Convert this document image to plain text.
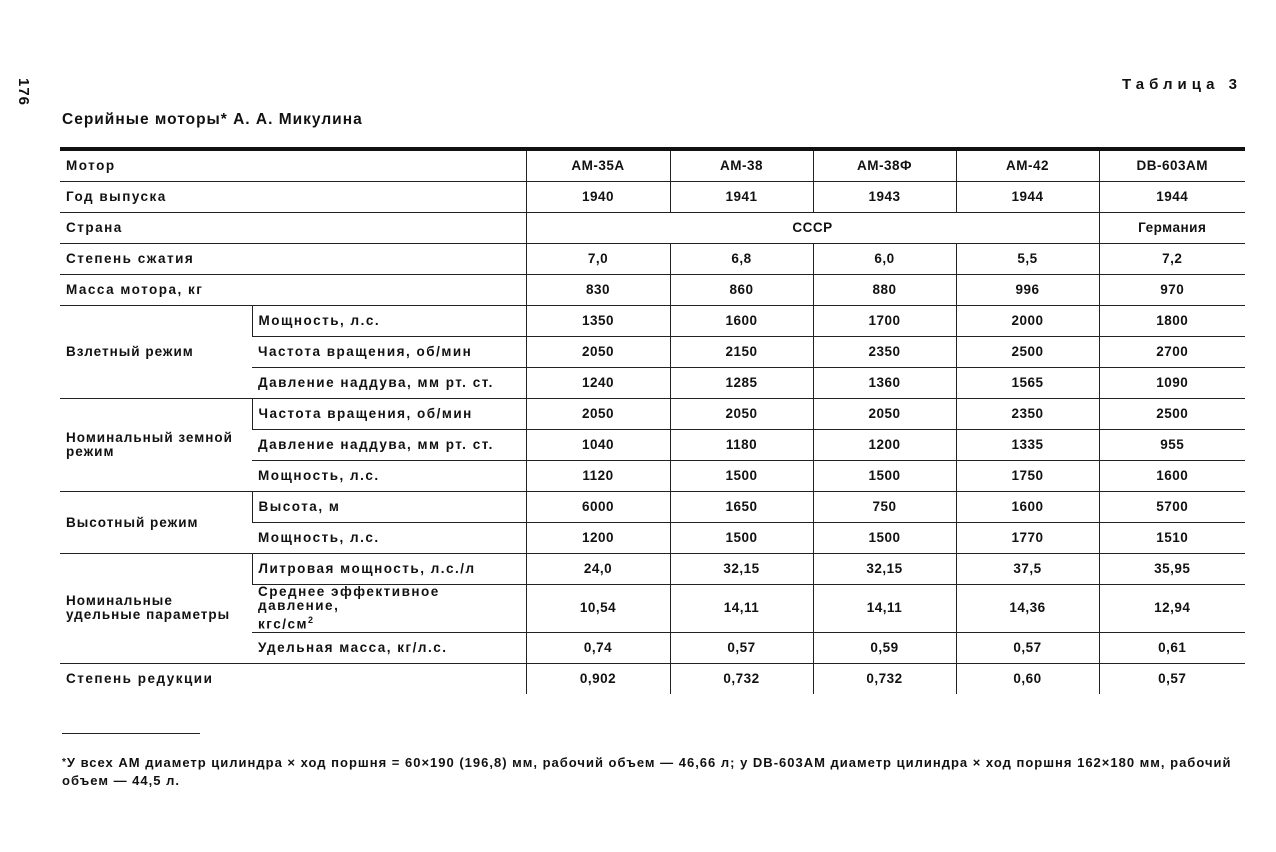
176	Таблица 3
Серийные моторы* А. А. Микулина
Мотор		АМ-35А	АМ-38	АМ-38Ф	АМ-42	DB-603АМ
Год выпуска		1940	1941	1943	1944	1944
Страна		СССР				Германия
Степень сжатия		7,0	6,8	6,0	5,5	7,2
Масса мотора, кг		830	860	880	996	970
Взлетный режим	Мощность, л.с.	1350	1600	1700	2000	1800
	Частота вращения, об/мин	2050	2150	2350	2500	2700
	Давление наддува, мм рт. ст.	1240	1285	1360	1565	1090
Номинальный земной режим	Частота вращения, об/мин	2050	2050	2050	2350	2500
	Давление наддува, мм рт. ст.	1040	1180	1200	1335	955
	Мощность, л.с.	1120	1500	1500	1750	1600
Высотный режим	Высота, м	6000	1650	750	1600	5700
	Мощность, л.с.	1200	1500	1500	1770	1510
Номинальные удельные параметры	Литровая мощность, л.с./л	24,0	32,15	32,15	37,5	35,95
	Среднее эффективное давление,
кгс/$см^2$	10,54	14,11	14,11	14,36	12,94
	Удельная масса, кг/л.с.	0,74	0,57	0,59	0,57	0,61
Степень редукции		0,902	0,732	0,732	0,60	0,57
*У всех АМ диаметр цилиндра × ход поршня = 60×190 (196,8) мм, рабочий объем — 46,66 л; у DB-603АМ диаметр цилиндра × ход поршня 162×180 мм, рабочий объем — 44,5 л.
